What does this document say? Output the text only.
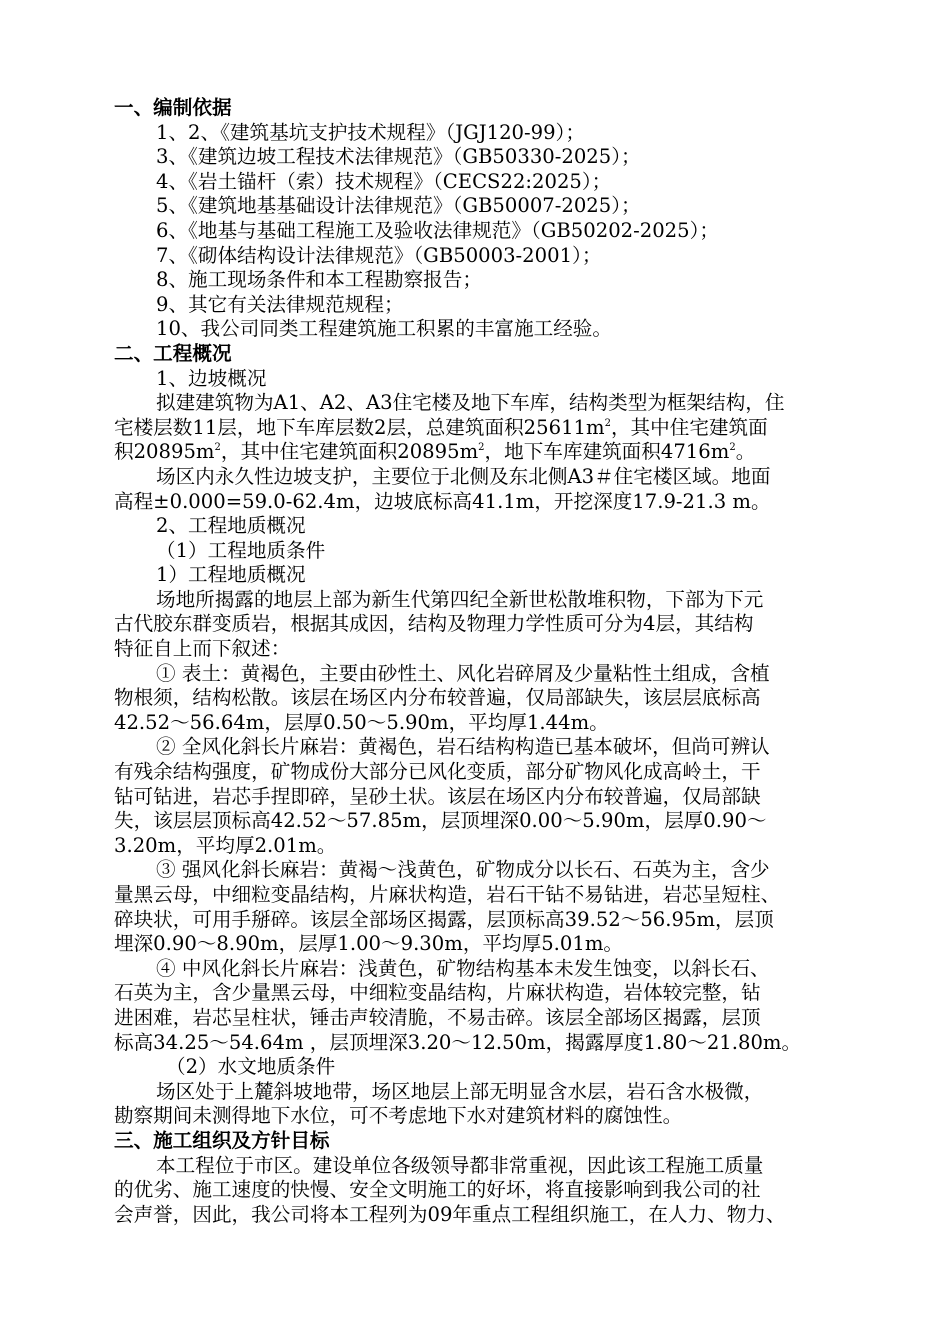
一、编制依据
1、2、《建筑基坑支护技术规程》（JGJ120-99）；
3、《建筑边坡工程技术法律规范》（GB50330-2025）；
4、《岩土锚杆（索）技术规程》（CECS22:2025）；
5、《建筑地基基础设计法律规范》（GB50007-2025）；
6、《地基与基础工程施工及验收法律规范》（GB50202-2025）；
7、《砌体结构设计法律规范》（GB50003-2001）；
8、施工现场条件和本工程勘察报告；
9、其它有关法律规范规程；
10、我公司同类工程建筑施工积累的丰富施工经验。
二、工程概况
1、边坡概况
拟建建筑物为A1、A2、A3住宅楼及地下车库，结构类型为框架结构，住
宅楼层数11层，地下车库层数2层，总建筑面积$25611m^2$，其中住宅建筑面
积$20895m^2$，其中住宅建筑面积$20895m^2$，地下车库建筑面积$4716m^2$。
场区内永久性边坡支护，主要位于北侧及东北侧A3＃住宅楼区域。地面
高程±0.000=59.0-62.4m，边坡底标高41.1m，开挖深度17.9-21.3 m。
2、工程地质概况
（1）工程地质条件
1）工程地质概况
场地所揭露的地层上部为新生代第四纪全新世松散堆积物，下部为下元
古代胶东群变质岩，根据其成因，结构及物理力学性质可分为4层，其结构
特征自上而下叙述：
① 表土：黄褐色，主要由砂性土、风化岩碎屑及少量粘性土组成，含植
物根须，结构松散。该层在场区内分布较普遍，仅局部缺失，该层层底标高
42.52～56.64m，层厚0.50～5.90m，平均厚1.44m。
② 全风化斜长片麻岩：黄褐色，岩石结构构造已基本破坏，但尚可辨认
有残余结构强度，矿物成份大部分已风化变质，部分矿物风化成高岭土，干
钻可钻进，岩芯手捏即碎，呈砂土状。该层在场区内分布较普遍，仅局部缺
失，该层层顶标高42.52～57.85m，层顶埋深0.00～5.90m，层厚0.90～
3.20m，平均厚2.01m。
③ 强风化斜长麻岩：黄褐～浅黄色，矿物成分以长石、石英为主，含少
量黑云母，中细粒变晶结构，片麻状构造，岩石干钻不易钻进，岩芯呈短柱、
碎块状，可用手掰碎。该层全部场区揭露，层顶标高39.52～56.95m，层顶
埋深0.90～8.90m，层厚1.00～9.30m，平均厚5.01m。
④ 中风化斜长片麻岩：浅黄色，矿物结构基本未发生蚀变，以斜长石、
石英为主，含少量黑云母，中细粒变晶结构，片麻状构造，岩体较完整，钻
进困难，岩芯呈柱状，锤击声较清脆，不易击碎。该层全部场区揭露，层顶
标高34.25～54.64m ，层顶埋深3.20～12.50m，揭露厚度1.80～21.80m。
（2）水文地质条件
场区处于上麓斜坡地带，场区地层上部无明显含水层，岩石含水极微，
勘察期间未测得地下水位，可不考虑地下水对建筑材料的腐蚀性。
三、施工组织及方针目标
本工程位于市区。建设单位各级领导都非常重视，因此该工程施工质量
的优劣、施工速度的快慢、安全文明施工的好坏，将直接影响到我公司的社
会声誉，因此，我公司将本工程列为09年重点工程组织施工，在人力、物力、
